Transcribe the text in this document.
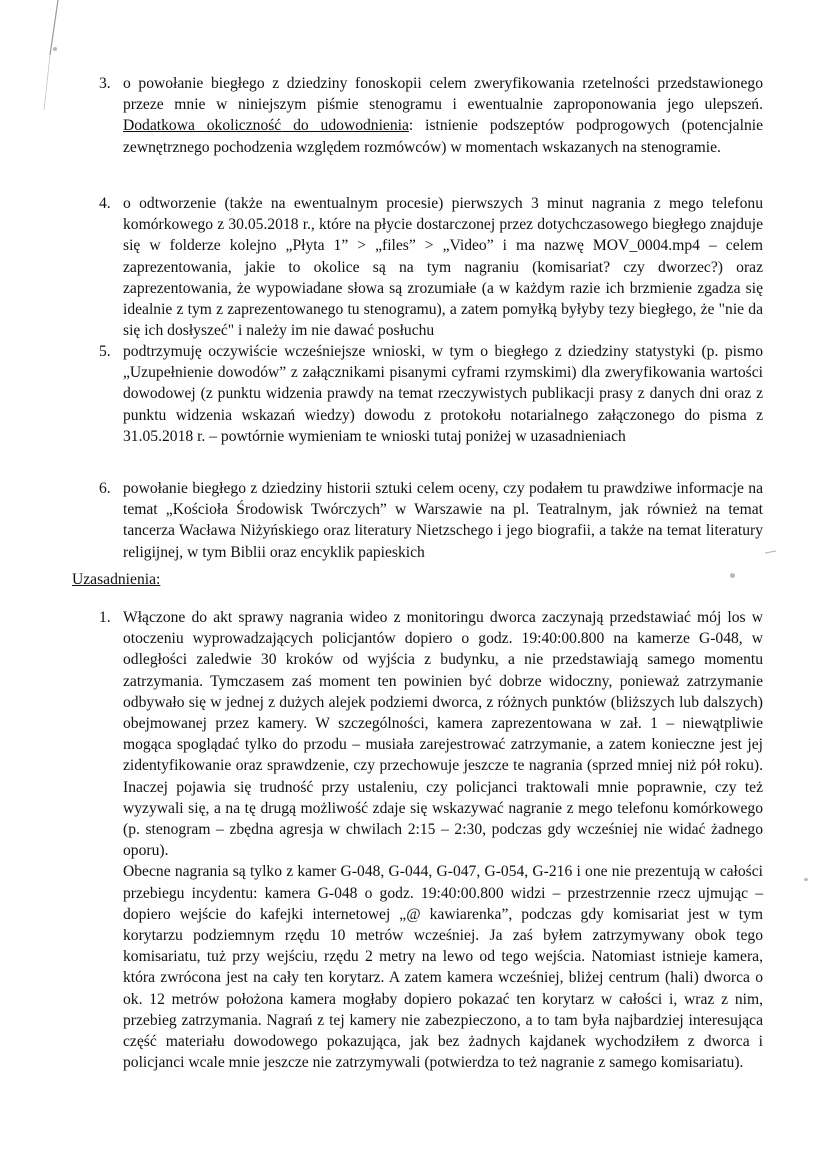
3. o powołanie biegłego z dziedziny fonoskopii celem zweryfikowania rzetelności przedstawionego przeze mnie w niniejszym piśmie stenogramu i ewentualnie zaproponowania jego ulepszeń. Dodatkowa okoliczność do udowodnienia: istnienie podszeptów podprogowych (potencjalnie zewnętrznego pochodzenia względem rozmówców) w momentach wskazanych na stenogramie.
4. o odtworzenie (także na ewentualnym procesie) pierwszych 3 minut nagrania z mego telefonu komórkowego z 30.05.2018 r., które na płycie dostarczonej przez dotychczasowego biegłego znajduje się w folderze kolejno „Płyta 1” > „files” > „Video” i ma nazwę MOV_0004.mp4 – celem zaprezentowania, jakie to okolice są na tym nagraniu (komisariat? czy dworzec?) oraz zaprezentowania, że wypowiadane słowa są zrozumiałe (a w każdym razie ich brzmienie zgadza się idealnie z tym z zaprezentowanego tu stenogramu), a zatem pomyłką byłyby tezy biegłego, że "nie da się ich dosłyszeć" i należy im nie dawać posłuchu
5. podtrzymuję oczywiście wcześniejsze wnioski, w tym o biegłego z dziedziny statystyki (p. pismo „Uzupełnienie dowodów” z załącznikami pisanymi cyframi rzymskimi) dla zweryfikowania wartości dowodowej (z punktu widzenia prawdy na temat rzeczywistych publikacji prasy z danych dni oraz z punktu widzenia wskazań wiedzy) dowodu z protokołu notarialnego załączonego do pisma z 31.05.2018 r. – powtórnie wymieniam te wnioski tutaj poniżej w uzasadnieniach
6. powołanie biegłego z dziedziny historii sztuki celem oceny, czy podałem tu prawdziwe informacje na temat „Kościoła Środowisk Twórczych” w Warszawie na pl. Teatralnym, jak również na temat tancerza Wacława Niżyńskiego oraz literatury Nietzschego i jego biografii, a także na temat literatury religijnej, w tym Biblii oraz encyklik papieskich
Uzasadnienia:
1. Włączone do akt sprawy nagrania wideo z monitoringu dworca zaczynają przedstawiać mój los w otoczeniu wyprowadzających policjantów dopiero o godz. 19:40:00.800 na kamerze G-048, w odległości zaledwie 30 kroków od wyjścia z budynku, a nie przedstawiają samego momentu zatrzymania. Tymczasem zaś moment ten powinien być dobrze widoczny, ponieważ zatrzymanie odbywało się w jednej z dużych alejek podziemi dworca, z różnych punktów (bliższych lub dalszych) obejmowanej przez kamery. W szczególności, kamera zaprezentowana w zał. 1 – niewątpliwie mogąca spoglądać tylko do przodu – musiała zarejestrować zatrzymanie, a zatem konieczne jest jej zidentyfikowanie oraz sprawdzenie, czy przechowuje jeszcze te nagrania (sprzed mniej niż pół roku). Inaczej pojawia się trudność przy ustaleniu, czy policjanci traktowali mnie poprawnie, czy też wyzywali się, a na tę drugą możliwość zdaje się wskazywać nagranie z mego telefonu komórkowego (p. stenogram – zbędna agresja w chwilach 2:15 – 2:30, podczas gdy wcześniej nie widać żadnego oporu).
Obecne nagrania są tylko z kamer G-048, G-044, G-047, G-054, G-216 i one nie prezentują w całości przebiegu incydentu: kamera G-048 o godz. 19:40:00.800 widzi – przestrzennie rzecz ujmując – dopiero wejście do kafejki internetowej „@ kawiarenka”, podczas gdy komisariat jest w tym korytarzu podziemnym rzędu 10 metrów wcześniej. Ja zaś byłem zatrzymywany obok tego komisariatu, tuż przy wejściu, rzędu 2 metry na lewo od tego wejścia. Natomiast istnieje kamera, która zwrócona jest na cały ten korytarz. A zatem kamera wcześniej, bliżej centrum (hali) dworca o ok. 12 metrów położona kamera mogłaby dopiero pokazać ten korytarz w całości i, wraz z nim, przebieg zatrzymania. Nagrań z tej kamery nie zabezpieczono, a to tam była najbardziej interesująca część materiału dowodowego pokazująca, jak bez żadnych kajdanek wychodziłem z dworca i policjanci wcale mnie jeszcze nie zatrzymywali (potwierdza to też nagranie z samego komisariatu).
